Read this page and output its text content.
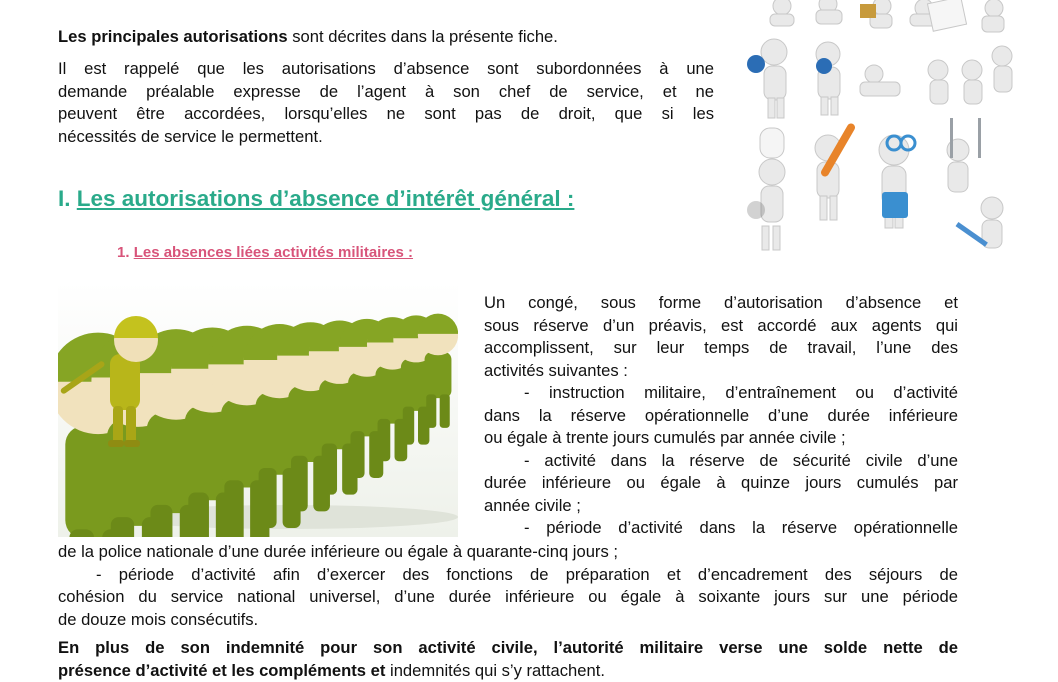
Les principales autorisations sont décrites dans la présente fiche.

Il est rappelé que les autorisations d’absence sont subordonnées à une
demande préalable expresse de l’agent à son chef de service, et ne
peuvent être accordées, lorsqu’elles ne sont pas de droit, que si les
nécessités de service le permettent.

I. Les autorisations d’absence d’intérêt général :
1. Les absences liées activités militaires :

Un congé, sous forme d’autorisation d’absence et
sous réserve d’un préavis, est accordé aux agents qui
accomplissent, sur leur temps de travail, l’une des
activités suivantes :
- instruction militaire, d’entraînement ou d’activité
dans la réserve opérationnelle d’une durée inférieure
ou égale à trente jours cumulés par année civile ;
- activité dans la réserve de sécurité civile d’une
durée inférieure ou égale à quinze jours cumulés par
année civile ;
- période d’activité dans la réserve opérationnelle

de la police nationale d’une durée inférieure ou égale à quarante-cinq jours ;
- période d’activité afin d’exercer des fonctions de préparation et d’encadrement des séjours de
cohésion du service national universel, d’une durée inférieure ou égale à soixante jours sur une période
de douze mois consécutifs.

En plus de son indemnité pour son activité civile, l’autorité militaire verse une solde nette de
présence d’activité et les compléments et indemnités qui s’y rattachent.
